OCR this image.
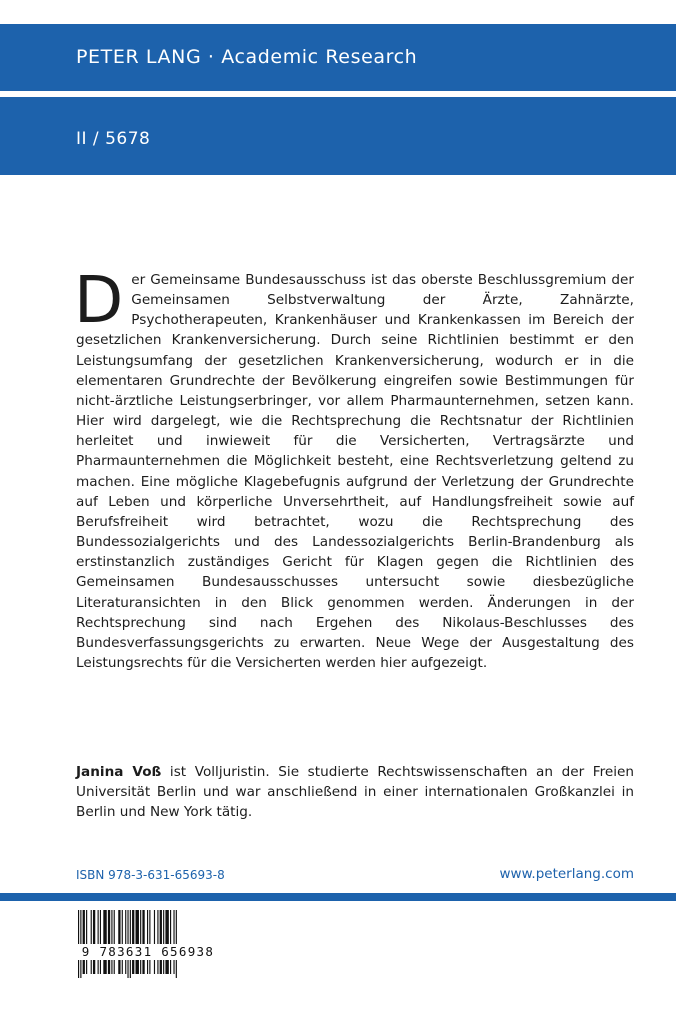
PETER LANG · Academic Research
II / 5678
Der Gemeinsame Bundesausschuss ist das oberste Beschlussgremium der Gemeinsamen Selbstverwaltung der Ärzte, Zahnärzte, Psychotherapeuten, Krankenhäuser und Krankenkassen im Bereich der gesetzlichen Krankenversicherung. Durch seine Richtlinien bestimmt er den Leistungsumfang der gesetzlichen Krankenversicherung, wodurch er in die elementaren Grundrechte der Bevölkerung eingreifen sowie Bestimmungen für nicht-ärztliche Leistungserbringer, vor allem Pharmaunternehmen, setzen kann. Hier wird dargelegt, wie die Rechtsprechung die Rechtsnatur der Richtlinien herleitet und inwieweit für die Versicherten, Vertragsärzte und Pharmaunternehmen die Möglichkeit besteht, eine Rechtsverletzung geltend zu machen. Eine mögliche Klagebefugnis aufgrund der Verletzung der Grundrechte auf Leben und körperliche Unversehrtheit, auf Handlungsfreiheit sowie auf Berufsfreiheit wird betrachtet, wozu die Rechtsprechung des Bundessozialgerichts und des Landessozialgerichts Berlin-Brandenburg als erstinstanzlich zuständiges Gericht für Klagen gegen die Richtlinien des Gemeinsamen Bundesausschusses untersucht sowie diesbezügliche Literaturansichten in den Blick genommen werden. Änderungen in der Rechtsprechung sind nach Ergehen des Nikolaus-Beschlusses des Bundesverfassungsgerichts zu erwarten. Neue Wege der Ausgestaltung des Leistungsrechts für die Versicherten werden hier aufgezeigt.
Janina Voß ist Volljuristin. Sie studierte Rechtswissenschaften an der Freien Universität Berlin und war anschließend in einer internationalen Großkanzlei in Berlin und New York tätig.
ISBN 978-3-631-65693-8	www.peterlang.com
9 783631 656938
